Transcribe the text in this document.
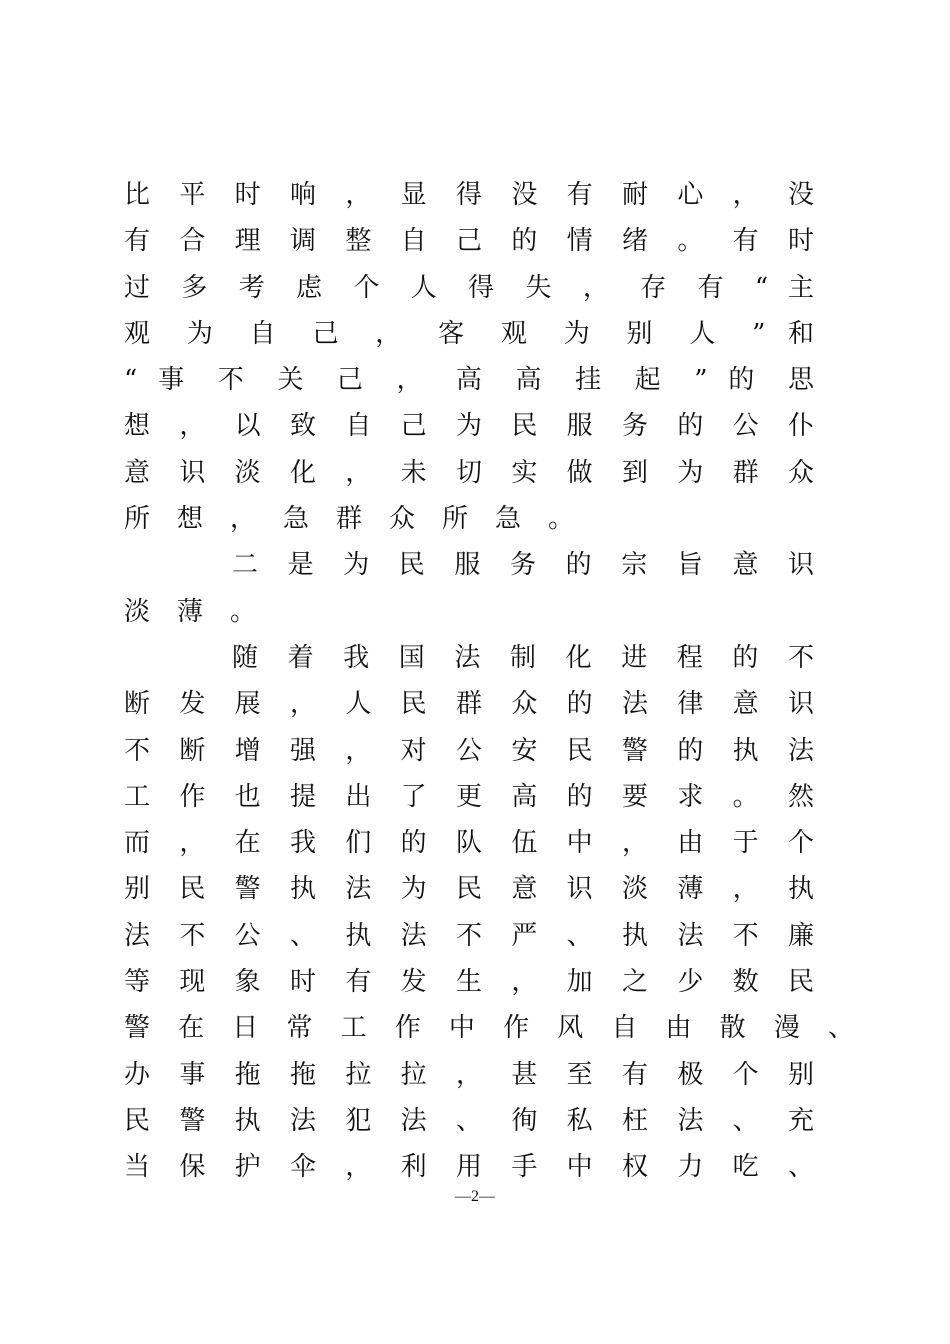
比 平 时 响 ， 显 得 没 有 耐 心 ， 没
有 合 理 调 整 自 己 的 情 绪 。 有 时
过 多 考 虑 个 人 得 失 ， 存 有 “ 主
观 为 自 己 ， 客 观 为 别 人 ” 和
“ 事 不 关 己 ， 高 高 挂 起 ” 的 思
想 ， 以 致 自 己 为 民 服 务 的 公 仆
意 识 淡 化 ， 未 切 实 做 到 为 群 众
所想，急群众所急。
二 是 为 民 服 务 的 宗 旨 意 识
淡薄。
随 着 我 国 法 制 化 进 程 的 不
断 发 展 ， 人 民 群 众 的 法 律 意 识
不 断 增 强 ， 对 公 安 民 警 的 执 法
工 作 也 提 出 了 更 高 的 要 求 。 然
而 ， 在 我 们 的 队 伍 中 ， 由 于 个
别 民 警 执 法 为 民 意 识 淡 薄 ， 执
法 不 公 、 执 法 不 严 、 执 法 不 廉
等 现 象 时 有 发 生 ， 加 之 少 数 民
警 在 日 常 工 作 中 作 风 自 由 散 漫 、
办 事 拖 拖 拉 拉 ， 甚 至 有 极 个 别
民 警 执 法 犯 法 、 徇 私 枉 法 、 充
当 保 护 伞 ， 利 用 手 中 权 力 吃 、
—2—
